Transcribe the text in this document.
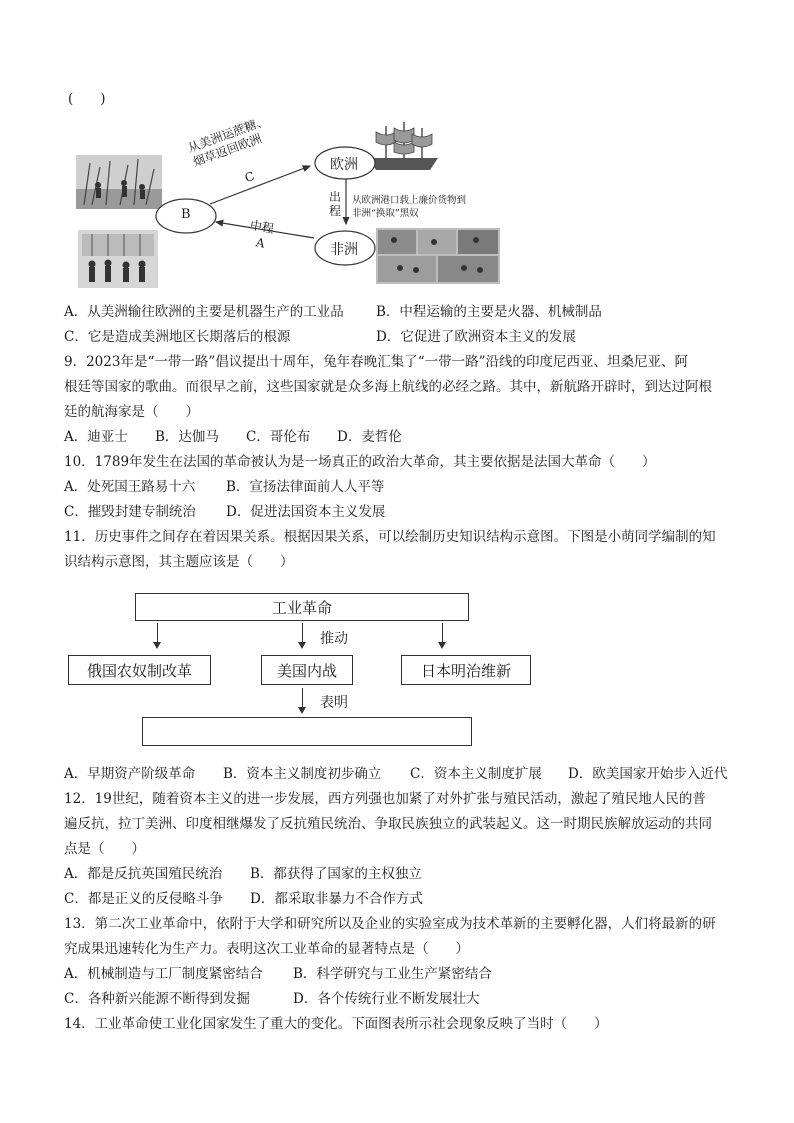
(　　)
欧洲
B
非洲
从美洲运蔗糖、烟草返回欧洲
C
中程
A
出程
从欧洲港口载上廉价货物到非洲“换取”黑奴
A．从美洲输往欧洲的主要是机器生产的工业品 B．中程运输的主要是火器、机械制品
C．它是造成美洲地区长期落后的根源	D．它促进了欧洲资本主义的发展
9．2023年是“一带一路”倡议提出十周年，兔年春晚汇集了“一带一路”沿线的印度尼西亚、坦桑尼亚、阿
根廷等国家的歌曲。而很早之前，这些国家就是众多海上航线的必经之路。其中，新航路开辟时，到达过阿根
廷的航海家是（　　）
A．迪亚士 B．达伽马 C．哥伦布 D．麦哲伦
10．1789年发生在法国的革命被认为是一场真正的政治大革命，其主要依据是法国大革命（　　）
A．处死国王路易十六 B．宣扬法律面前人人平等
C．摧毁封建专制统治 D．促进法国资本主义发展
11．历史事件之间存在着因果关系。根据因果关系，可以绘制历史知识结构示意图。下图是小萌同学编制的知
识结构示意图，其主题应该是（　　）
工业革命
推动
俄国农奴制改革	美国内战	日本明治维新
表明
A．早期资产阶级革命 B．资本主义制度初步确立 C．资本主义制度扩展 D．欧美国家开始步入近代
12．19世纪，随着资本主义的进一步发展，西方列强也加紧了对外扩张与殖民活动，激起了殖民地人民的普
遍反抗，拉丁美洲、印度相继爆发了反抗殖民统治、争取民族独立的武装起义。这一时期民族解放运动的共同
点是（　　）
A．都是反抗英国殖民统治 B．都获得了国家的主权独立
C．都是正义的反侵略斗争 D．都采取非暴力不合作方式
13．第二次工业革命中，依附于大学和研究所以及企业的实验室成为技术革新的主要孵化器，人们将最新的研
究成果迅速转化为生产力。表明这次工业革命的显著特点是（　　）
A．机械制造与工厂制度紧密结合 B．科学研究与工业生产紧密结合
C．各种新兴能源不断得到发掘	D．各个传统行业不断发展壮大
14．工业革命使工业化国家发生了重大的变化。下面图表所示社会现象反映了当时（　　）
